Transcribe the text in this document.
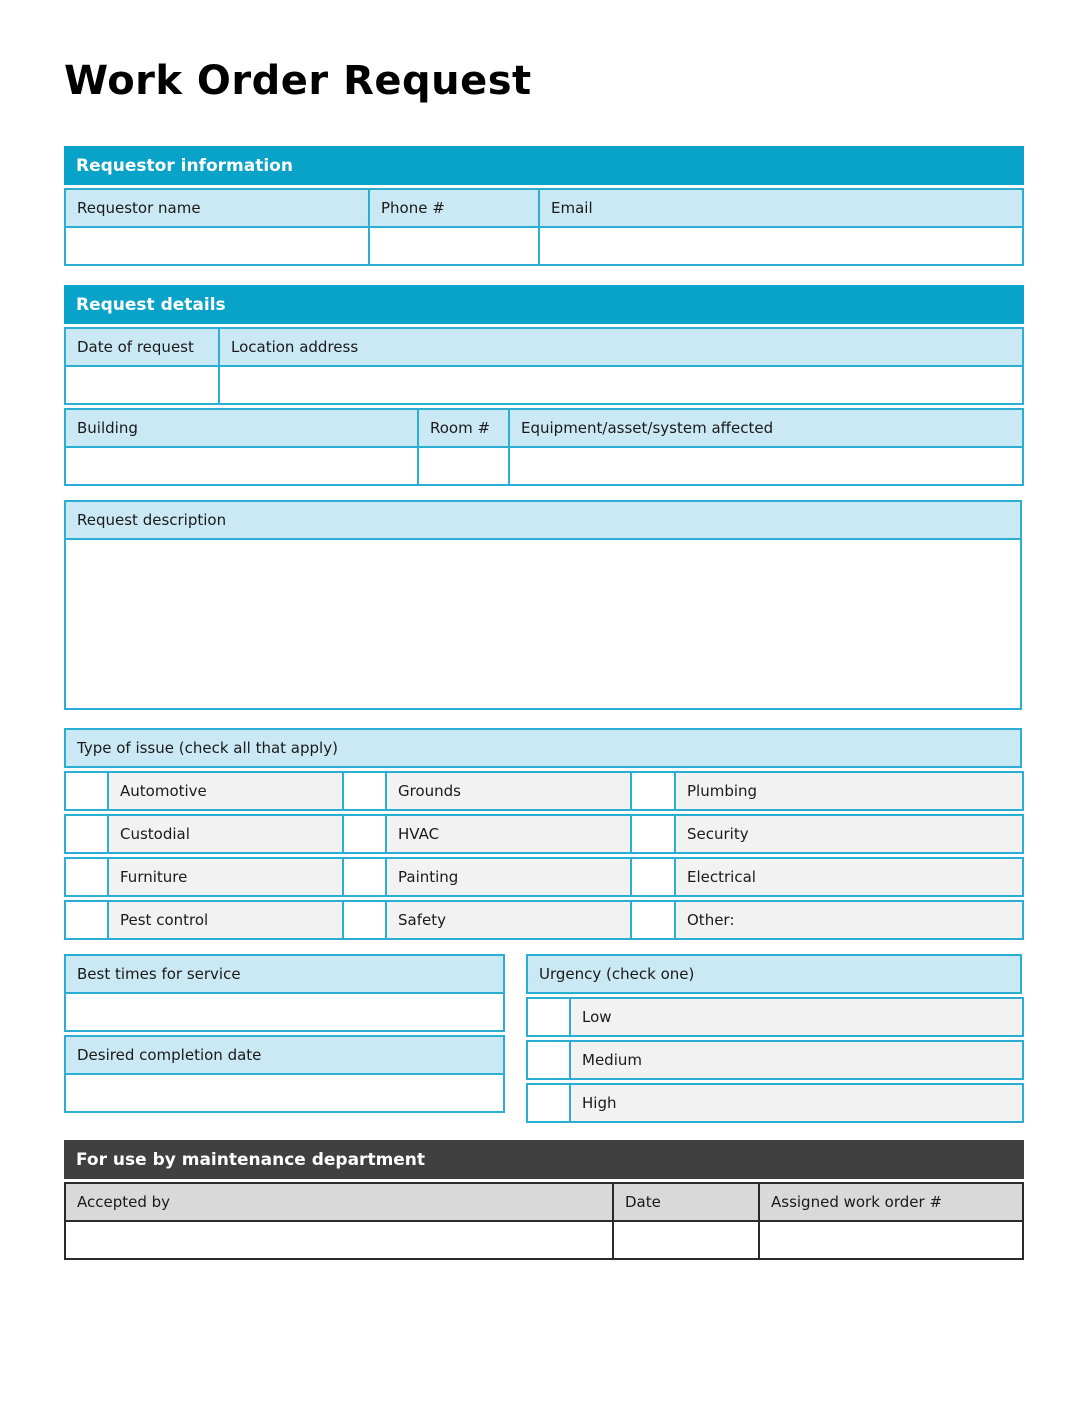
Work Order Request
Requestor information
Requestor name	Phone #	Email

Request details
Date of request	Location address

Building	Room #	Equipment/asset/system affected

Request description

Type of issue (check all that apply)
	Automotive		Grounds		Plumbing
	Custodial		HVAC		Security
	Furniture		Painting		Electrical
	Pest control		Safety		Other:
Best times for service

Desired completion date

Urgency (check one)
	Low
	Medium
	High
For use by maintenance department
Accepted by	Date	Assigned work order #
